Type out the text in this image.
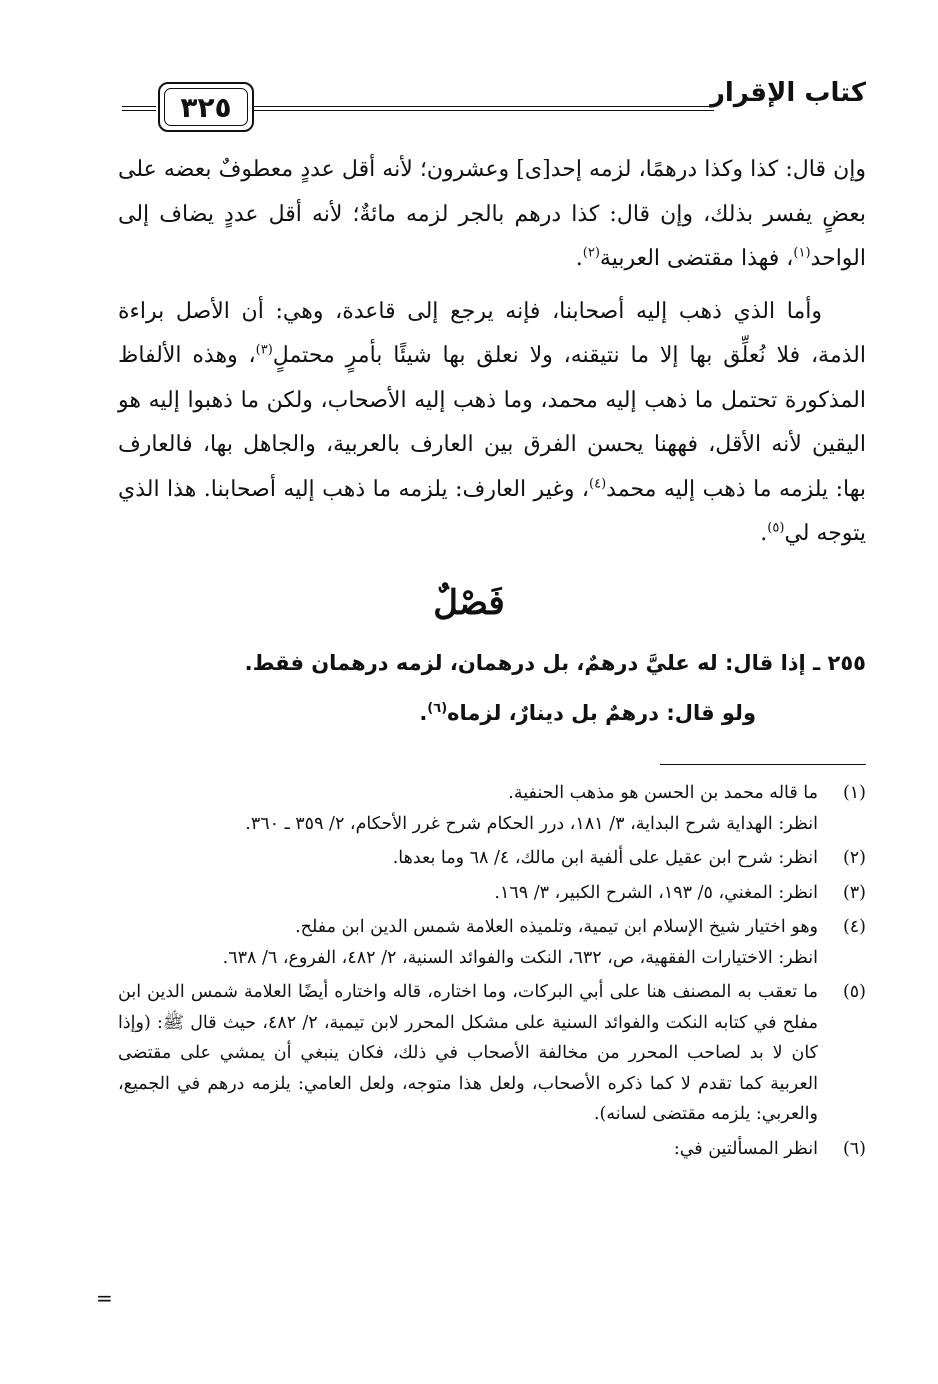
كتاب الإقرار
٣٢٥

وإن قال: كذا وكذا درهمًا، لزمه إحد[ى] وعشرون؛ لأنه أقل عددٍ معطوفٌ بعضه على بعضٍ يفسر بذلك، وإن قال: كذا درهم بالجر لزمه مائةٌ؛ لأنه أقل عددٍ يضاف إلى الواحد$^{(١)}$، فهذا مقتضى العربية$^{(٢)}$.

وأما الذي ذهب إليه أصحابنا، فإنه يرجع إلى قاعدة، وهي: أن الأصل براءة الذمة، فلا نُعلِّق بها إلا ما نتيقنه، ولا نعلق بها شيئًا بأمرٍ محتملٍ$^{(٣)}$، وهذه الألفاظ المذكورة تحتمل ما ذهب إليه محمد، وما ذهب إليه الأصحاب، ولكن ما ذهبوا إليه هو اليقين لأنه الأقل، فههنا يحسن الفرق بين العارف بالعربية، والجاهل بها، فالعارف بها: يلزمه ما ذهب إليه محمد$^{(٤)}$، وغير العارف: يلزمه ما ذهب إليه أصحابنا. هذا الذي يتوجه لي$^{(٥)}$.

فَصْلٌ
٢٥٥ ـ إذا قال: له عليَّ درهمٌ، بل درهمان، لزمه درهمان فقط.
ولو قال: درهمٌ بل دينارٌ، لزماه$^{(٦)}$.
(١)
ما قاله محمد بن الحسن هو مذهب الحنفية.
انظر: الهداية شرح البداية، ٣/ ١٨١، درر الحكام شرح غرر الأحكام، ٢/ ٣٥٩ ـ ٣٦٠.
(٢)
انظر: شرح ابن عقيل على ألفية ابن مالك، ٤/ ٦٨ وما بعدها.
(٣)
انظر: المغني، ٥/ ١٩٣، الشرح الكبير، ٣/ ١٦٩.
(٤)
وهو اختيار شيخ الإسلام ابن تيمية، وتلميذه العلامة شمس الدين ابن مفلح.
انظر: الاختيارات الفقهية، ص، ٦٣٢، النكت والفوائد السنية، ٢/ ٤٨٢، الفروع، ٦/ ٦٣٨.
(٥)
ما تعقب به المصنف هنا على أبي البركات، وما اختاره، قاله واختاره أيضًا العلامة شمس الدين ابن مفلح في كتابه النكت والفوائد السنية على مشكل المحرر لابن تيمية، ٢/ ٤٨٢، حيث قال ﷺ: (وإذا كان لا بد لصاحب المحرر من مخالفة الأصحاب في ذلك، فكان ينبغي أن يمشي على مقتضى العربية كما تقدم لا كما ذكره الأصحاب، ولعل هذا متوجه، ولعل العامي: يلزمه درهم في الجميع، والعربي: يلزمه مقتضى لسانه).
(٦)
انظر المسألتين في:
=
